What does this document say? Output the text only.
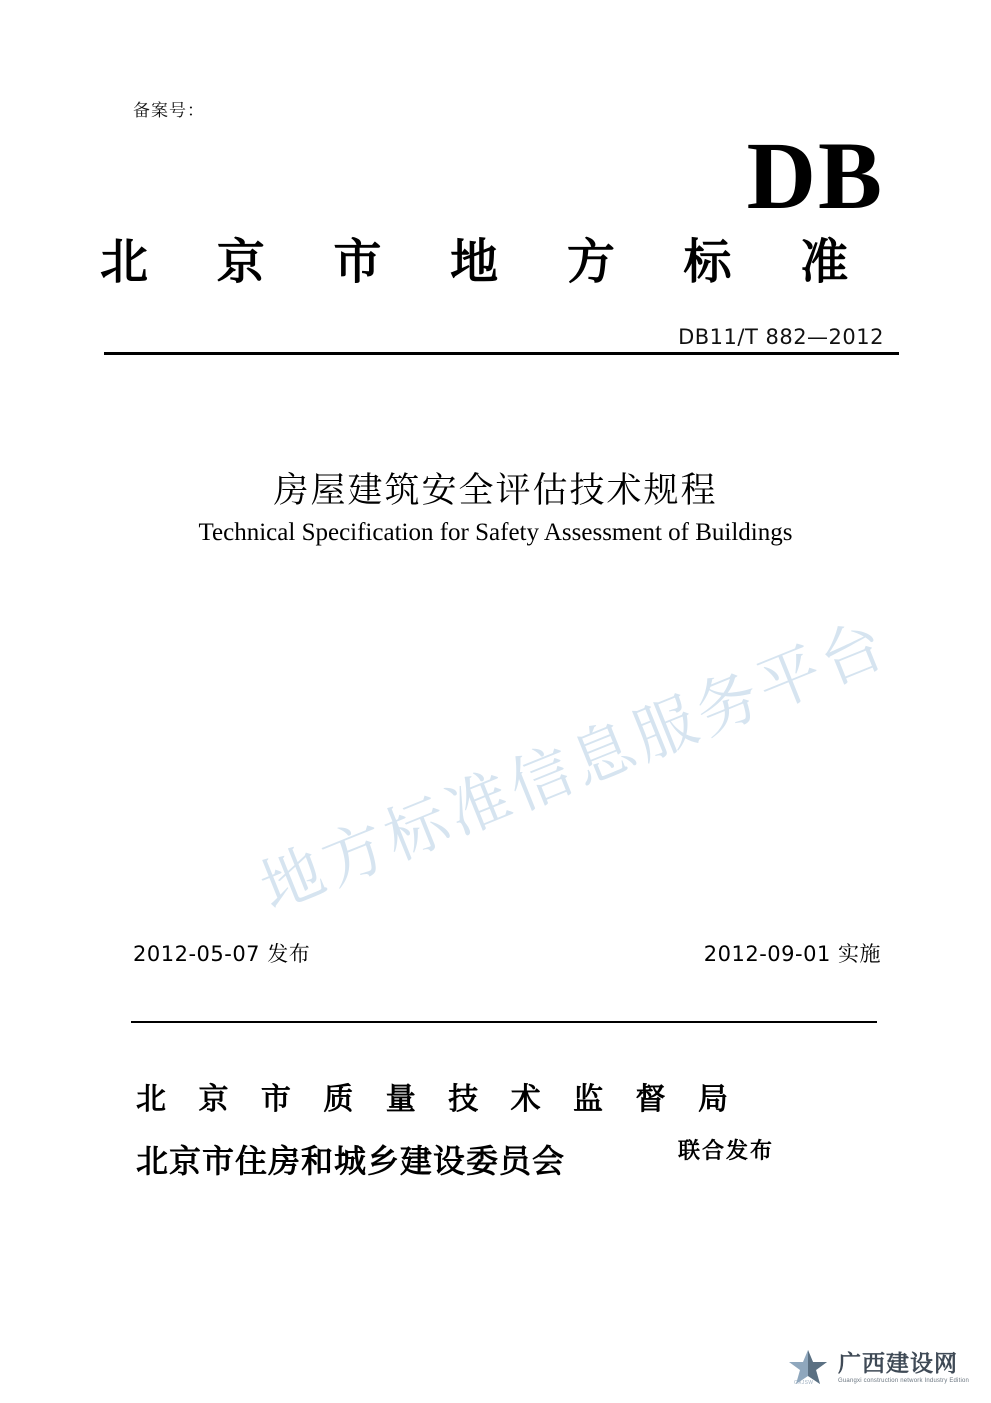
备案号：
DB
北 京 市 地 方 标 准
DB11/T 882—2012
房屋建筑安全评估技术规程
Technical Specification for Safety Assessment of Buildings
地方标准信息服务平台
2012-05-07 发布	2012-09-01 实施
北 京 市 质 量 技 术 监 督 局
北京市住房和城乡建设委员会	联合发布
广西建设网
Guangxi construction network Industry Edition
GXJSW
